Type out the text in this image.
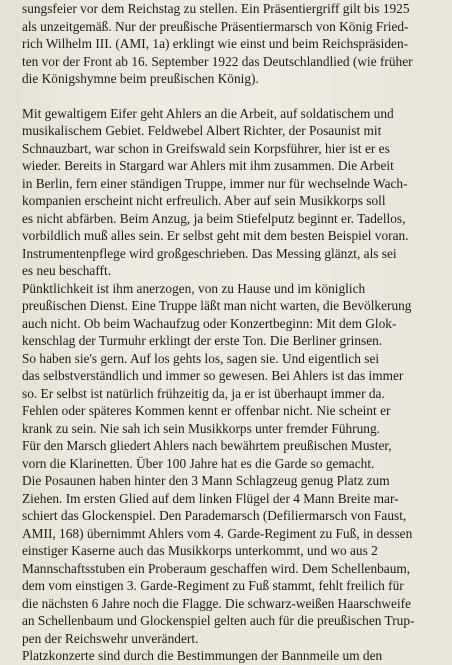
sungsfeier vor dem Reichstag zu stellen. Ein Präsentiergriff gilt bis 1925
als unzeitgemäß. Nur der preußische Präsentiermarsch von König Fried-
rich Wilhelm III. (AMI, 1a) erklingt wie einst und beim Reichspräsiden-
ten vor der Front ab 16. September 1922 das Deutschlandlied (wie früher
die Königshymne beim preußischen König).

Mit gewaltigem Eifer geht Ahlers an die Arbeit, auf soldatischem und
musikalischem Gebiet. Feldwebel Albert Richter, der Posaunist mit
Schnauzbart, war schon in Greifswald sein Korpsführer, hier ist er es
wieder. Bereits in Stargard war Ahlers mit ihm zusammen. Die Arbeit
in Berlin, fern einer ständigen Truppe, immer nur für wechselnde Wach-
kompanien erscheint nicht erfreulich. Aber auf sein Musikkorps soll
es nicht abfärben. Beim Anzug, ja beim Stiefelputz beginnt er. Tadellos,
vorbildlich muß alles sein. Er selbst geht mit dem besten Beispiel voran.
Instrumentenpflege wird großgeschrieben. Das Messing glänzt, als sei
es neu beschafft.

Pünktlichkeit ist ihm anerzogen, von zu Hause und im königlich
preußischen Dienst. Eine Truppe läßt man nicht warten, die Bevölkerung
auch nicht. Ob beim Wachaufzug oder Konzertbeginn: Mit dem Glok-
kenschlag der Turmuhr erklingt der erste Ton. Die Berliner grinsen.
So haben sie's gern. Auf los gehts los, sagen sie. Und eigentlich sei
das selbstverständlich und immer so gewesen. Bei Ahlers ist das immer
so. Er selbst ist natürlich frühzeitig da, ja er ist überhaupt immer da.
Fehlen oder späteres Kommen kennt er offenbar nicht. Nie scheint er
krank zu sein. Nie sah ich sein Musikkorps unter fremder Führung.

Für den Marsch gliedert Ahlers nach bewährtem preußischen Muster,
vorn die Klarinetten. Über 100 Jahre hat es die Garde so gemacht.
Die Posaunen haben hinter den 3 Mann Schlagzeug genug Platz zum
Ziehen. Im ersten Glied auf dem linken Flügel der 4 Mann Breite mar-
schiert das Glockenspiel. Den Parademarsch (Defiliermarsch von Faust,
AMII, 168) übernimmt Ahlers vom 4. Garde-Regiment zu Fuß, in dessen
einstiger Kaserne auch das Musikkorps unterkommt, und wo aus 2
Mannschaftsstuben ein Proberaum geschaffen wird. Dem Schellenbaum,
dem vom einstigen 3. Garde-Regiment zu Fuß stammt, fehlt freilich für
die nächsten 6 Jahre noch die Flagge. Die schwarz-weißen Haarschweife
an Schellenbaum und Glockenspiel gelten auch für die preußischen Trup-
pen der Reichswehr unverändert.

Platzkonzerte sind durch die Bestimmungen der Bannmeile um den
